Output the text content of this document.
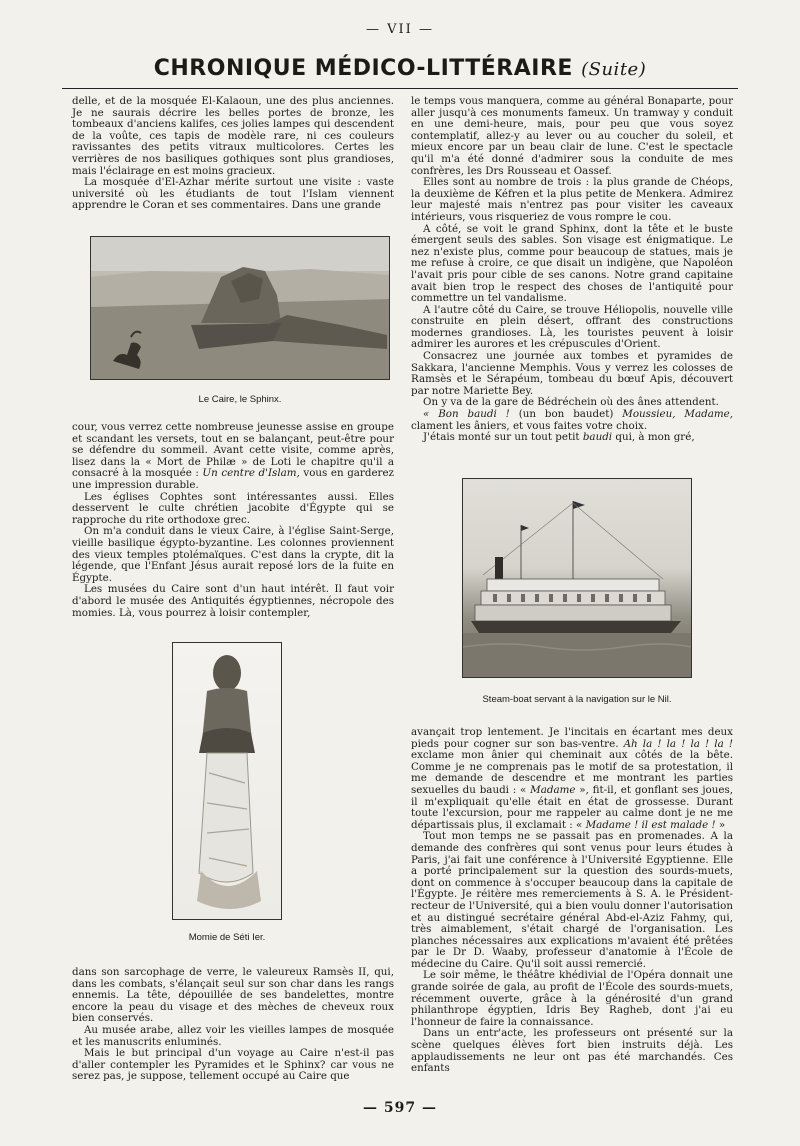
— VII —
CHRONIQUE MÉDICO-LITTÉRAIRE (Suite)

delle, et de la mosquée El-Kalaoun, une des plus anciennes. Je ne saurais décrire les belles portes de bronze, les tombeaux d'anciens kalifes, ces jolies lampes qui descendent de la voûte, ces tapis de modèle rare, ni ces couleurs ravissantes des petits vitraux multicolores. Certes les verrières de nos basiliques gothiques sont plus grandioses, mais l'éclairage en est moins gracieux.

La mosquée d'El-Azhar mérite surtout une visite : vaste université où les étudiants de tout l'Islam viennent apprendre le Coran et ses commentaires. Dans une grande

Le Caire, le Sphinx.

cour, vous verrez cette nombreuse jeunesse assise en groupe et scandant les versets, tout en se balançant, peut-être pour se défendre du sommeil. Avant cette visite, comme après, lisez dans la « Mort de Philæ » de Loti le chapitre qu'il a consacré à la mosquée : Un centre d'Islam, vous en garderez une impression durable.

Les églises Cophtes sont intéressantes aussi. Elles desservent le culte chrétien jacobite d'Égypte qui se rapproche du rite orthodoxe grec.

On m'a conduit dans le vieux Caire, à l'église Saint-Serge, vieille basilique égypto-byzantine. Les colonnes proviennent des vieux temples ptolémaïques. C'est dans la crypte, dit la légende, que l'Enfant Jésus aurait reposé lors de la fuite en Égypte.

Les musées du Caire sont d'un haut intérêt. Il faut voir d'abord le musée des Antiquités égyptiennes, nécropole des momies. Là, vous pourrez à loisir contempler,

Momie de Séti Ier.

dans son sarcophage de verre, le valeureux Ramsès II, qui, dans les combats, s'élançait seul sur son char dans les rangs ennemis. La tête, dépouillée de ses bandelettes, montre encore la peau du visage et des mèches de cheveux roux bien conservés.

Au musée arabe, allez voir les vieilles lampes de mosquée et les manuscrits enluminés.

Mais le but principal d'un voyage au Caire n'est-il pas d'aller contempler les Pyramides et le Sphinx? car vous ne serez pas, je suppose, tellement occupé au Caire que

le temps vous manquera, comme au général Bonaparte, pour aller jusqu'à ces monuments fameux. Un tramway y conduit en une demi-heure, mais, pour peu que vous soyez contemplatif, allez-y au lever ou au coucher du soleil, et mieux encore par un beau clair de lune. C'est le spectacle qu'il m'a été donné d'admirer sous la conduite de mes confrères, les Drs Rousseau et Oassef.

Elles sont au nombre de trois : la plus grande de Chéops, la deuxième de Kéfren et la plus petite de Menkera. Admirez leur majesté mais n'entrez pas pour visiter les caveaux intérieurs, vous risqueriez de vous rompre le cou.

A côté, se voit le grand Sphinx, dont la tête et le buste émergent seuls des sables. Son visage est énigmatique. Le nez n'existe plus, comme pour beaucoup de statues, mais je me refuse à croire, ce que disait un indigène, que Napoléon l'avait pris pour cible de ses canons. Notre grand capitaine avait bien trop le respect des choses de l'antiquité pour commettre un tel vandalisme.

A l'autre côté du Caire, se trouve Héliopolis, nouvelle ville construite en plein désert, offrant des constructions modernes grandioses. Là, les touristes peuvent à loisir admirer les aurores et les crépuscules d'Orient.

Consacrez une journée aux tombes et pyramides de Sakkara, l'ancienne Memphis. Vous y verrez les colosses de Ramsès et le Sérapéum, tombeau du bœuf Apis, découvert par notre Mariette Bey.

On y va de la gare de Bédréchein où des ânes attendent.

« Bon baudi ! (un bon baudet) Moussieu, Madame, clament les âniers, et vous faites votre choix.

J'étais monté sur un tout petit baudi qui, à mon gré,

Steam-boat servant à la navigation sur le Nil.

avançait trop lentement. Je l'incitais en écartant mes deux pieds pour cogner sur son bas-ventre. Ah la ! la ! la ! la ! exclame mon ânier qui cheminait aux côtés de la bête. Comme je ne comprenais pas le motif de sa protestation, il me demande de descendre et me montrant les parties sexuelles du baudi : « Madame », fit-il, et gonflant ses joues, il m'expliquait qu'elle était en état de grossesse. Durant toute l'excursion, pour me rappeler au calme dont je ne me départissais plus, il exclamait : « Madame ! il est malade ! »

Tout mon temps ne se passait pas en promenades. A la demande des confrères qui sont venus pour leurs études à Paris, j'ai fait une conférence à l'Université Egyptienne. Elle a porté principalement sur la question des sourds-muets, dont on commence à s'occuper beaucoup dans la capitale de l'Égypte. Je réitère mes remerciements à S. A. le Président-recteur de l'Université, qui a bien voulu donner l'autorisation et au distingué secrétaire général Abd-el-Aziz Fahmy, qui, très aimablement, s'était chargé de l'organisation. Les planches nécessaires aux explications m'avaient été prêtées par le Dr D. Waaby, professeur d'anatomie à l'École de médecine du Caire. Qu'il soit aussi remercié.

Le soir même, le théâtre khédivial de l'Opéra donnait une grande soirée de gala, au profit de l'École des sourds-muets, récemment ouverte, grâce à la générosité d'un grand philanthrope égyptien, Idris Bey Ragheb, dont j'ai eu l'honneur de faire la connaissance.

Dans un entr'acte, les professeurs ont présenté sur la scène quelques élèves fort bien instruits déjà. Les applaudissements ne leur ont pas été marchandés. Ces enfants

— 597 —
